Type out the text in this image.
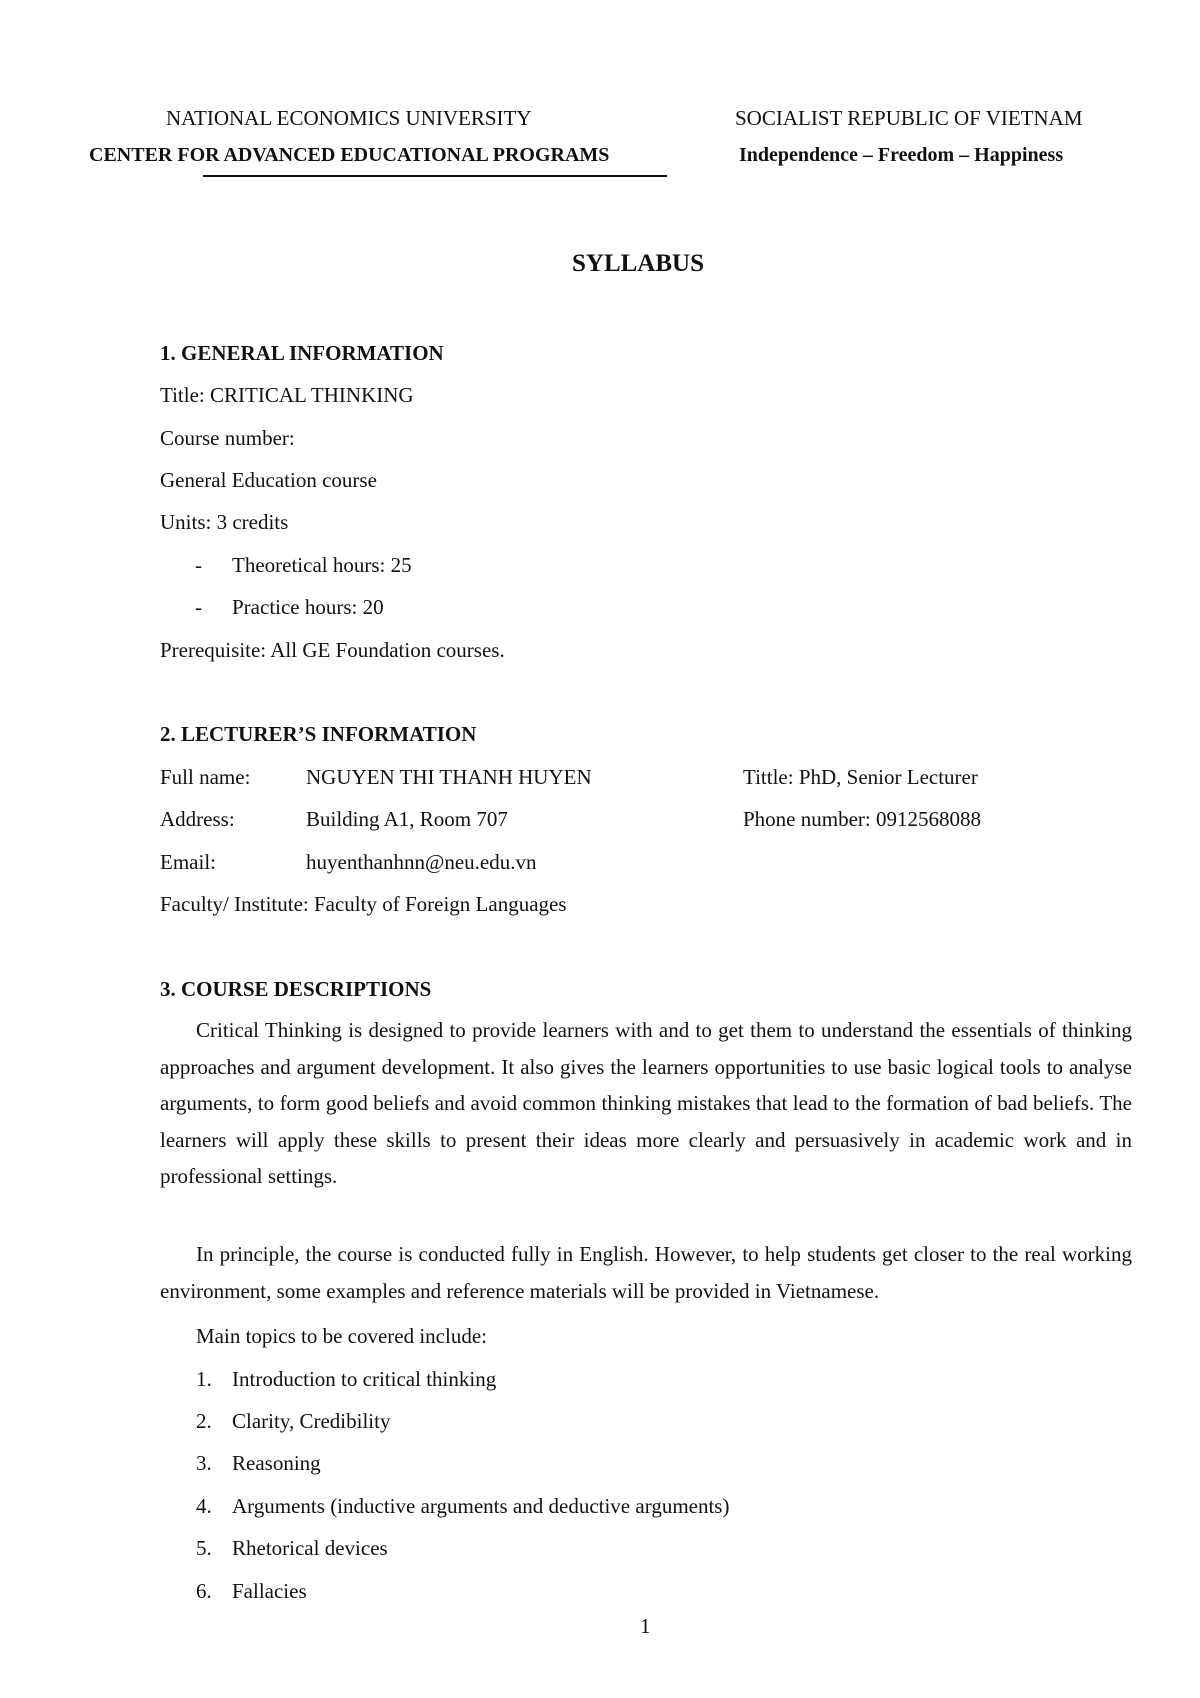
NATIONAL ECONOMICS UNIVERSITY
CENTER FOR ADVANCED EDUCATIONAL PROGRAMS
SOCIALIST REPUBLIC OF VIETNAM
Independence – Freedom – Happiness
SYLLABUS
1. GENERAL INFORMATION
Title: CRITICAL THINKING
Course number:
General Education course
Units: 3 credits
- Theoretical hours: 25
- Practice hours: 20
Prerequisite: All GE Foundation courses.
2. LECTURER’S INFORMATION
Full name:	NGUYEN THI THANH HUYEN	Tittle: PhD, Senior Lecturer
Address:	Building A1, Room 707	Phone number: 0912568088
Email:	huyenthanhnn@neu.edu.vn
Faculty/ Institute: Faculty of Foreign Languages
3. COURSE DESCRIPTIONS
Critical Thinking is designed to provide learners with and to get them to understand the essentials of thinking approaches and argument development. It also gives the learners opportunities to use basic logical tools to analyse arguments, to form good beliefs and avoid common thinking mistakes that lead to the formation of bad beliefs. The learners will apply these skills to present their ideas more clearly and persuasively in academic work and in professional settings.
In principle, the course is conducted fully in English. However, to help students get closer to the real working environment, some examples and reference materials will be provided in Vietnamese.
Main topics to be covered include:
1. Introduction to critical thinking
2. Clarity, Credibility
3. Reasoning
4. Arguments (inductive arguments and deductive arguments)
5. Rhetorical devices
6. Fallacies
1
